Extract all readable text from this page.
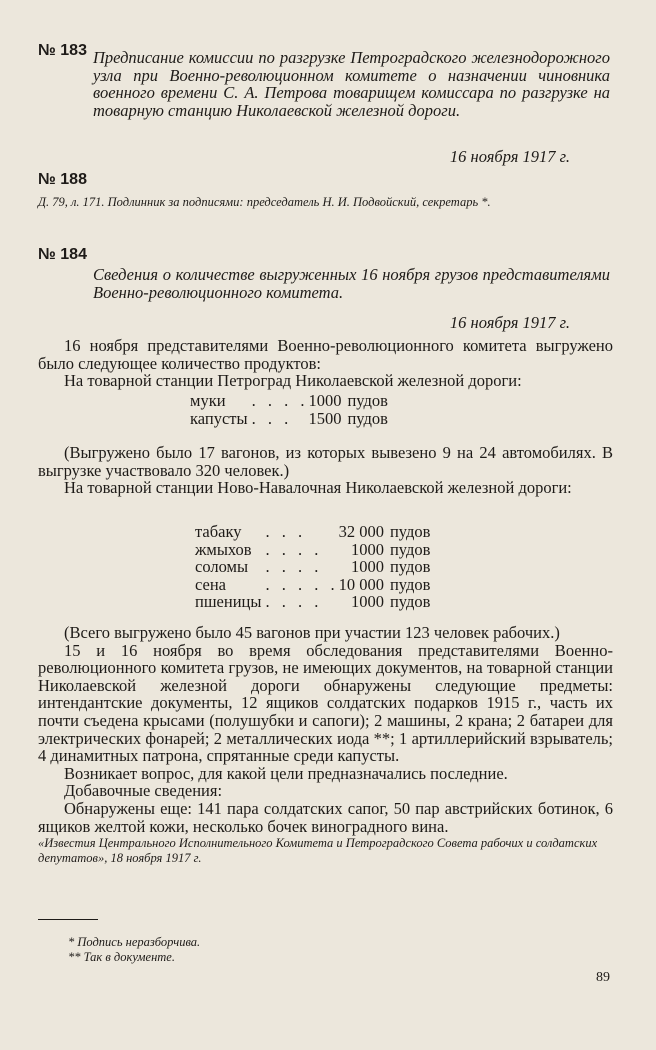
№ 183 Предписание комиссии по разгрузке Петроградского железнодорожного узла при Военно-революционном комитете о назначении чиновника военного времени С. А. Петрова товарищем комиссара по разгрузке на товарную станцию Николаевской железной дороги.
16 ноября 1917 г.
№ 188
Д. 79, л. 171. Подлинник за подписями: председатель Н. И. Подвойский, секретарь *.
№ 184
Сведения о количестве выгруженных 16 ноября грузов представителями Военно-революционного комитета.
16 ноября 1917 г.

16 ноября представителями Военно-революционного комитета выгружено было следующее количество продуктов:

На товарной станции Петроград Николаевской железной дороги:

муки	. . . .	1000	пудов
капусты	. . .	1500	пудов

(Выгружено было 17 вагонов, из которых вывезено 9 на 24 автомобилях. В выгрузке участвовало 320 человек.)

На товарной станции Ново-Навалочная Николаевской железной дороги:

табаку	. . .	32 000	пудов
жмыхов	. . . .	1000	пудов
соломы	. . . .	1000	пудов
сена	. . . . .	10 000	пудов
пшеницы	. . . .	1000	пудов

(Всего выгружено было 45 вагонов при участии 123 человек рабочих.)

15 и 16 ноября во время обследования представителями Военно-революционного комитета грузов, не имеющих документов, на товарной станции Николаевской железной дороги обнаружены следующие предметы: интендантские документы, 12 ящиков солдатских подарков 1915 г., часть их почти съедена крысами (полушубки и сапоги); 2 машины, 2 крана; 2 батареи для электрических фонарей; 2 металлических иода **; 1 артиллерийский взрыватель; 4 динамитных патрона, спрятанные среди капусты.

Возникает вопрос, для какой цели предназначались последние.

Добавочные сведения:

Обнаружены еще: 141 пара солдатских сапог, 50 пар австрийских ботинок, 6 ящиков желтой кожи, несколько бочек виноградного вина.

«Известия Центрального Исполнительного Комитета и Петроградского Совета рабочих и солдатских депутатов», 18 ноября 1917 г.
* Подпись неразборчива.
** Так в документе.
89
